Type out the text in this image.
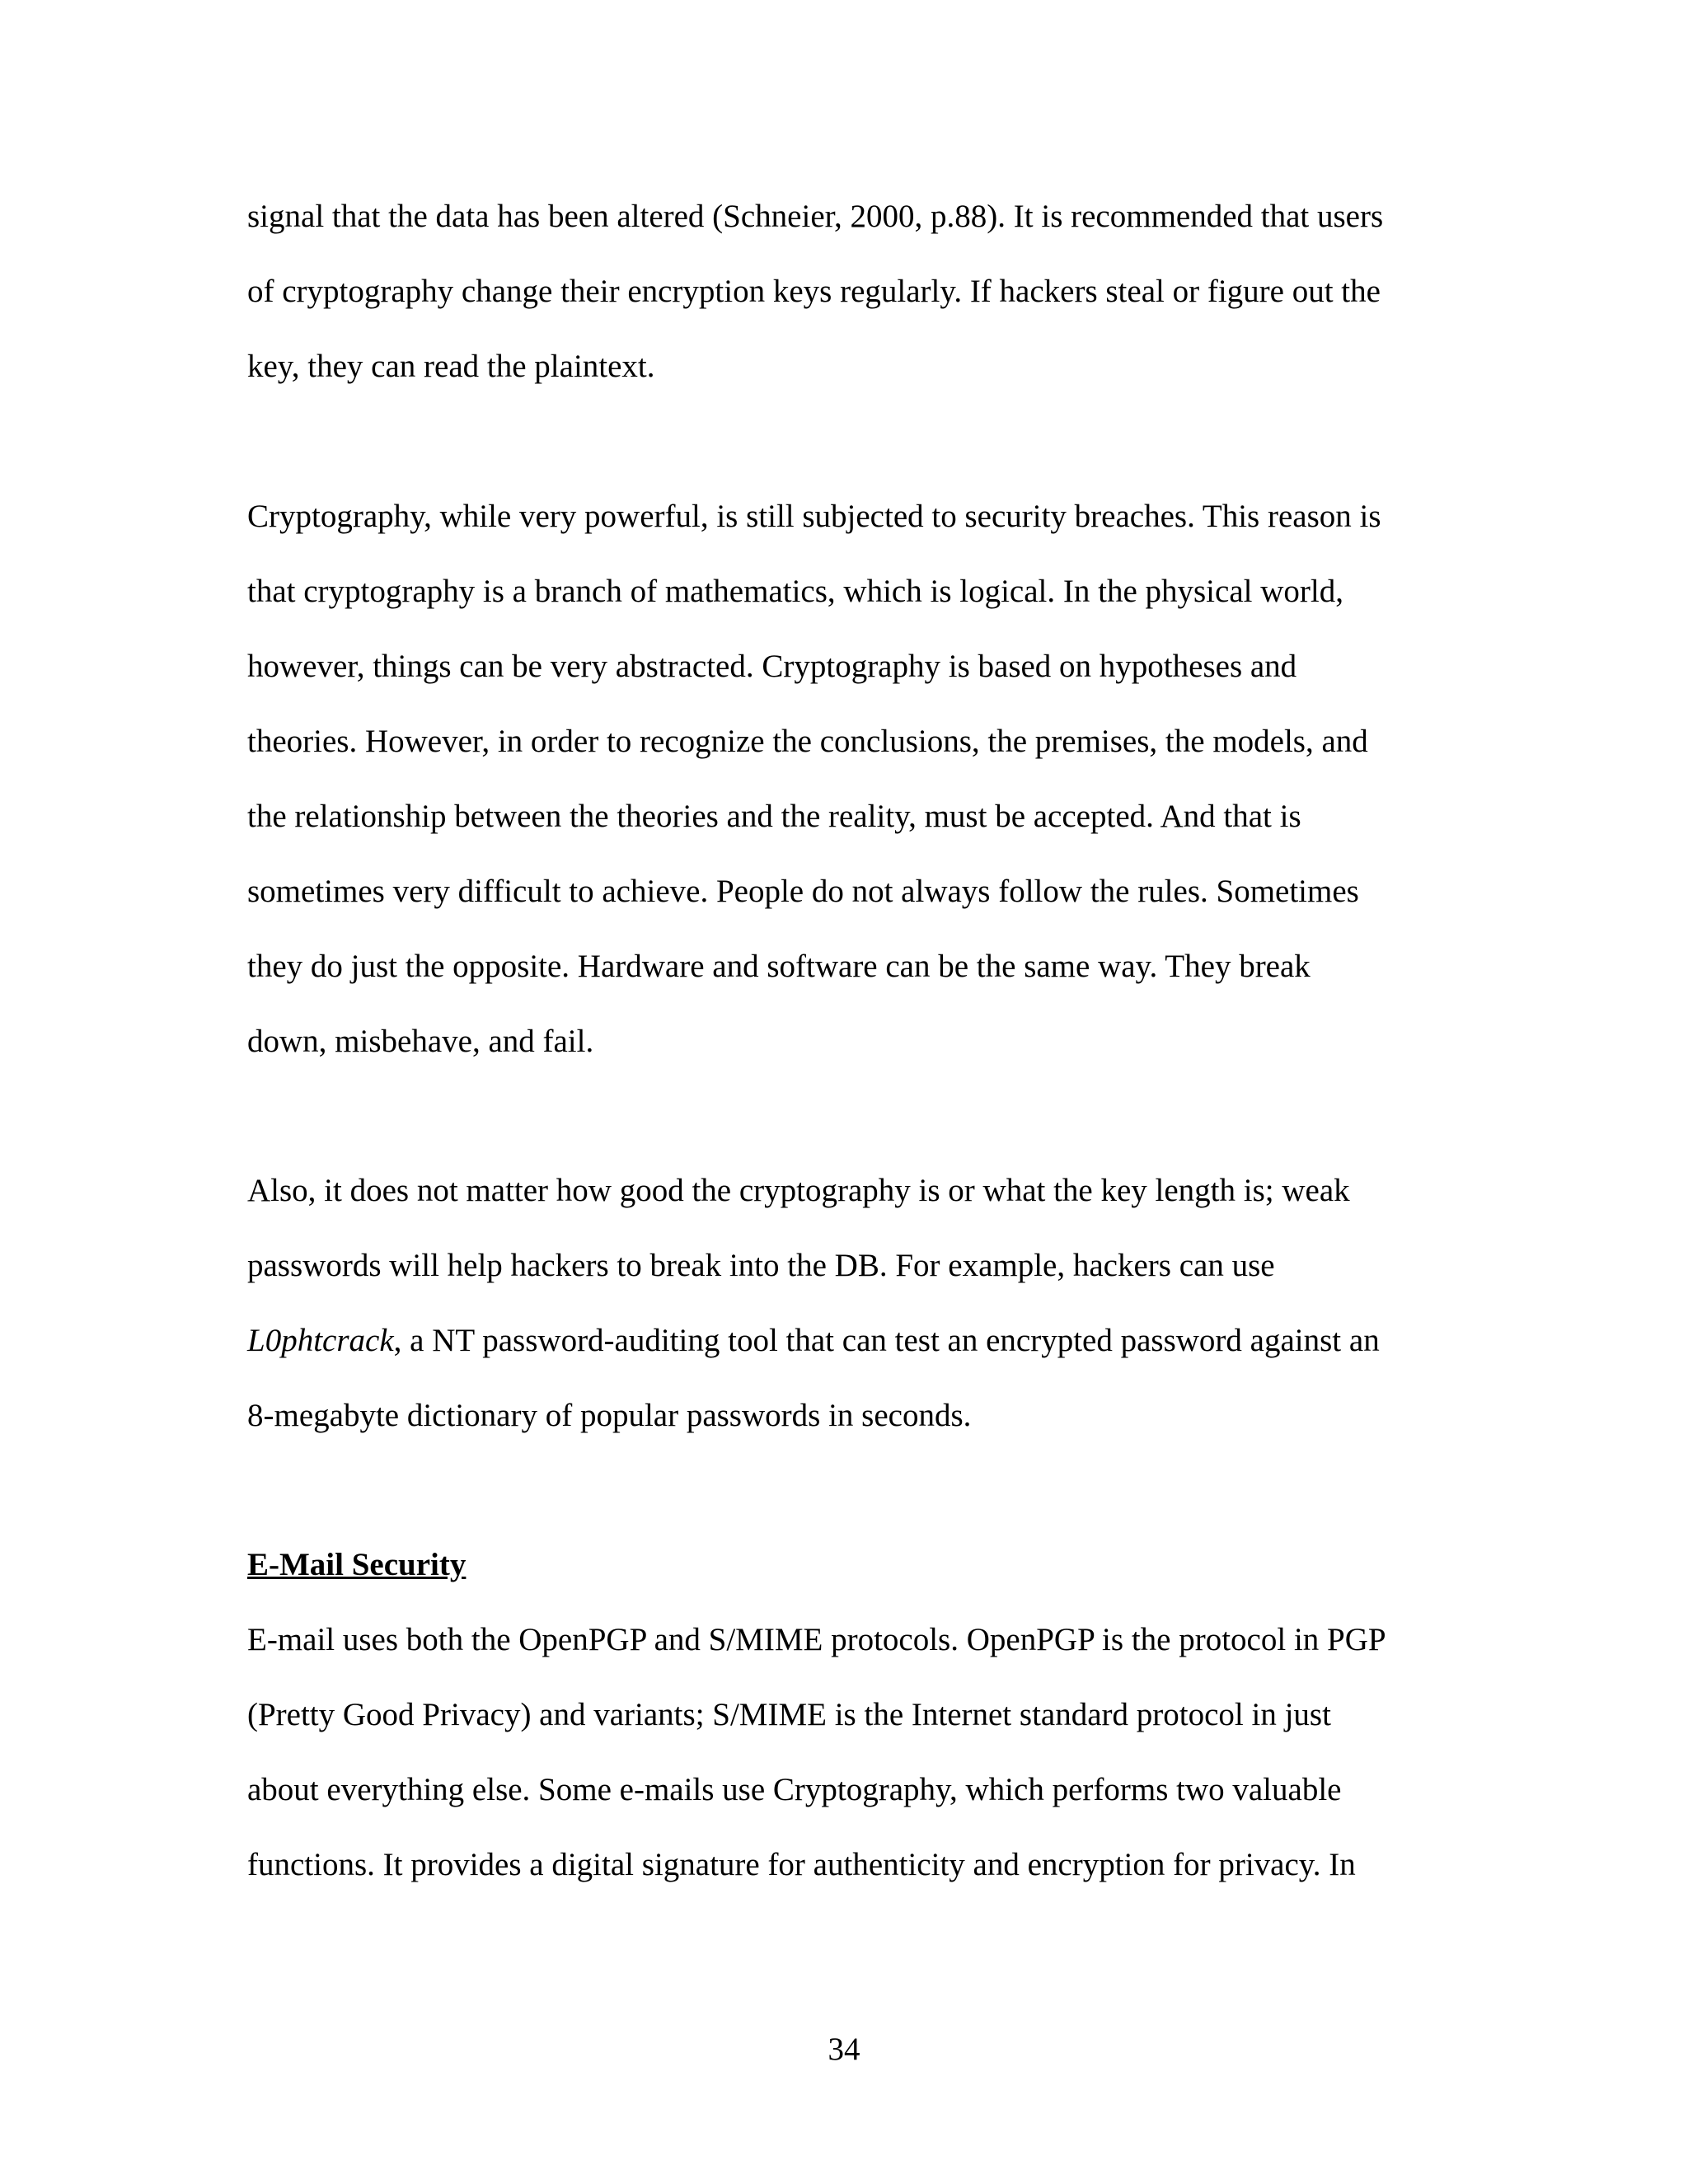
signal that the data has been altered (Schneier, 2000, p.88). It is recommended that users
of cryptography change their encryption keys regularly. If hackers steal or figure out the
key, they can read the plaintext.
Cryptography, while very powerful, is still subjected to security breaches. This reason is
that cryptography is a branch of mathematics, which is logical. In the physical world,
however, things can be very abstracted. Cryptography is based on hypotheses and
theories. However, in order to recognize the conclusions, the premises, the models, and
the relationship between the theories and the reality, must be accepted. And that is
sometimes very difficult to achieve. People do not always follow the rules. Sometimes
they do just the opposite. Hardware and software can be the same way. They break
down, misbehave, and fail.
Also, it does not matter how good the cryptography is or what the key length is; weak
passwords will help hackers to break into the DB. For example, hackers can use
L0phtcrack, a NT password-auditing tool that can test an encrypted password against an
8-megabyte dictionary of popular passwords in seconds.
E-Mail Security
E-mail uses both the OpenPGP and S/MIME protocols. OpenPGP is the protocol in PGP
(Pretty Good Privacy) and variants; S/MIME is the Internet standard protocol in just
about everything else. Some e-mails use Cryptography, which performs two valuable
functions. It provides a digital signature for authenticity and encryption for privacy. In
34
